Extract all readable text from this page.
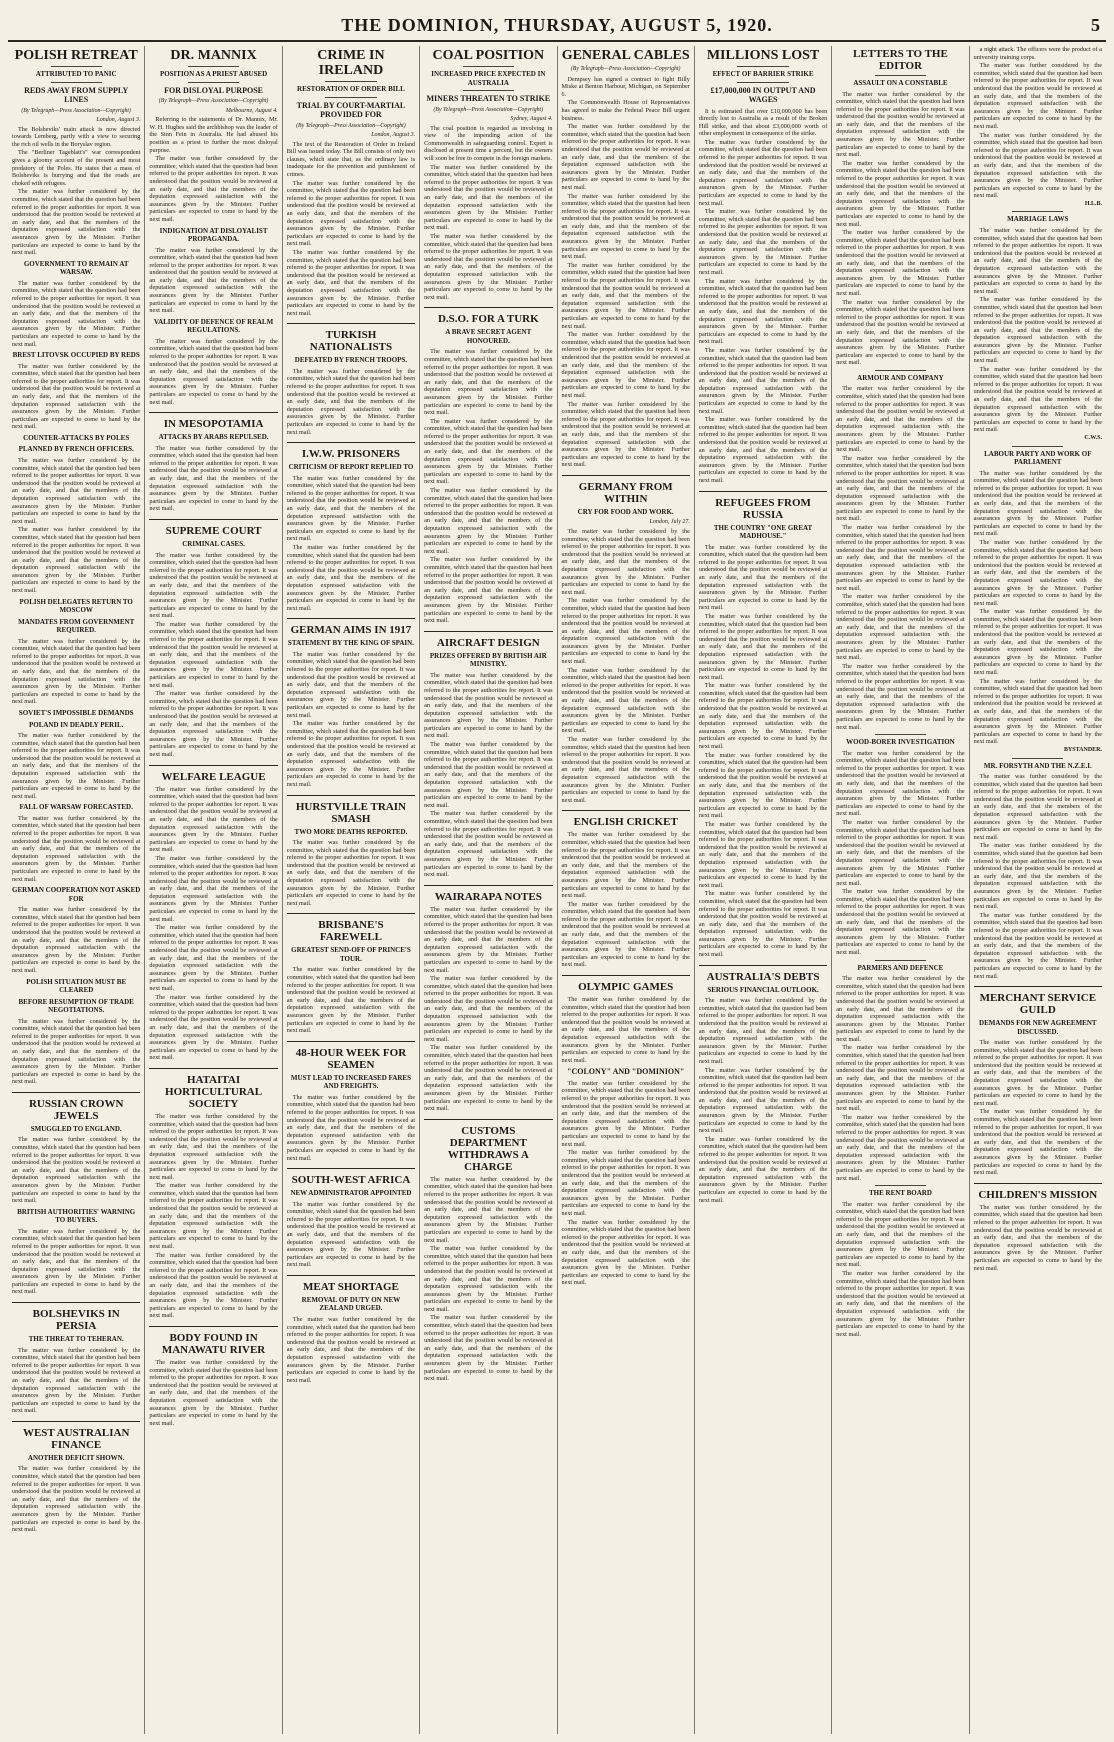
THE DOMINION, THURSDAY, AUGUST 5, 1920.	5
POLISH RETREAT
ATTRIBUTED TO PANIC
REDS AWAY FROM SUPPLY LINES
(By Telegraph—Press Association—Copyright)
London, August 3.

The Bolsheviks' main attack is now directed towards Lemberg, partly with a view to securing the rich oil wells in the Boryslav region.

The "Berliner Tageblatt's" war correspondent gives a gloomy account of the present and most predatory of the Poles. He states that a mass of Bolsheviks is hurrying and that the roads are choked with refugees.

The matter was further considered by the committee, which stated that the question had been referred to the proper authorities for report. It was understood that the position would be reviewed at an early date, and that the members of the deputation expressed satisfaction with the assurances given by the Minister. Further particulars are expected to come to hand by the next mail.

GOVERNMENT TO REMAIN AT WARSAW.

The matter was further considered by the committee, which stated that the question had been referred to the proper authorities for report. It was understood that the position would be reviewed at an early date, and that the members of the deputation expressed satisfaction with the assurances given by the Minister. Further particulars are expected to come to hand by the next mail.

BREST LITOVSK OCCUPIED BY REDS

The matter was further considered by the committee, which stated that the question had been referred to the proper authorities for report. It was understood that the position would be reviewed at an early date, and that the members of the deputation expressed satisfaction with the assurances given by the Minister. Further particulars are expected to come to hand by the next mail.

COUNTER-ATTACKS BY POLES
PLANNED BY FRENCH OFFICERS.

The matter was further considered by the committee, which stated that the question had been referred to the proper authorities for report. It was understood that the position would be reviewed at an early date, and that the members of the deputation expressed satisfaction with the assurances given by the Minister. Further particulars are expected to come to hand by the next mail.

The matter was further considered by the committee, which stated that the question had been referred to the proper authorities for report. It was understood that the position would be reviewed at an early date, and that the members of the deputation expressed satisfaction with the assurances given by the Minister. Further particulars are expected to come to hand by the next mail.

POLISH DELEGATES RETURN TO MOSCOW
MANDATES FROM GOVERNMENT REQUIRED.

The matter was further considered by the committee, which stated that the question had been referred to the proper authorities for report. It was understood that the position would be reviewed at an early date, and that the members of the deputation expressed satisfaction with the assurances given by the Minister. Further particulars are expected to come to hand by the next mail.

SOVIET'S IMPOSSIBLE DEMANDS
POLAND IN DEADLY PERIL.

The matter was further considered by the committee, which stated that the question had been referred to the proper authorities for report. It was understood that the position would be reviewed at an early date, and that the members of the deputation expressed satisfaction with the assurances given by the Minister. Further particulars are expected to come to hand by the next mail.

FALL OF WARSAW FORECASTED.

The matter was further considered by the committee, which stated that the question had been referred to the proper authorities for report. It was understood that the position would be reviewed at an early date, and that the members of the deputation expressed satisfaction with the assurances given by the Minister. Further particulars are expected to come to hand by the next mail.

GERMAN COOPERATION NOT ASKED FOR

The matter was further considered by the committee, which stated that the question had been referred to the proper authorities for report. It was understood that the position would be reviewed at an early date, and that the members of the deputation expressed satisfaction with the assurances given by the Minister. Further particulars are expected to come to hand by the next mail.

POLISH SITUATION MUST BE CLEARED
BEFORE RESUMPTION OF TRADE NEGOTIATIONS.

The matter was further considered by the committee, which stated that the question had been referred to the proper authorities for report. It was understood that the position would be reviewed at an early date, and that the members of the deputation expressed satisfaction with the assurances given by the Minister. Further particulars are expected to come to hand by the next mail.

RUSSIAN CROWN JEWELS
SMUGGLED TO ENGLAND.

The matter was further considered by the committee, which stated that the question had been referred to the proper authorities for report. It was understood that the position would be reviewed at an early date, and that the members of the deputation expressed satisfaction with the assurances given by the Minister. Further particulars are expected to come to hand by the next mail.

BRITISH AUTHORITIES' WARNING TO BUYERS.

The matter was further considered by the committee, which stated that the question had been referred to the proper authorities for report. It was understood that the position would be reviewed at an early date, and that the members of the deputation expressed satisfaction with the assurances given by the Minister. Further particulars are expected to come to hand by the next mail.

BOLSHEVIKS IN PERSIA
THE THREAT TO TEHERAN.

The matter was further considered by the committee, which stated that the question had been referred to the proper authorities for report. It was understood that the position would be reviewed at an early date, and that the members of the deputation expressed satisfaction with the assurances given by the Minister. Further particulars are expected to come to hand by the next mail.

WEST AUSTRALIAN FINANCE
ANOTHER DEFICIT SHOWN.

The matter was further considered by the committee, which stated that the question had been referred to the proper authorities for report. It was understood that the position would be reviewed at an early date, and that the members of the deputation expressed satisfaction with the assurances given by the Minister. Further particulars are expected to come to hand by the next mail.

DR. MANNIX
POSITION AS A PRIEST ABUSED
FOR DISLOYAL PURPOSE
(By Telegraph—Press Association—Copyright)
Melbourne, August 4.

Referring to the statements of Dr. Mannix, Mr. W. H. Hughes said the archbishop was the leader of the Sinn Fein in Australia. He had abused his position as a priest to further the most disloyal purpose.

The matter was further considered by the committee, which stated that the question had been referred to the proper authorities for report. It was understood that the position would be reviewed at an early date, and that the members of the deputation expressed satisfaction with the assurances given by the Minister. Further particulars are expected to come to hand by the next mail.

INDIGNATION AT DISLOYALIST PROPAGANDA.

The matter was further considered by the committee, which stated that the question had been referred to the proper authorities for report. It was understood that the position would be reviewed at an early date, and that the members of the deputation expressed satisfaction with the assurances given by the Minister. Further particulars are expected to come to hand by the next mail.

VALIDITY OF DEFENCE OF REALM REGULATIONS.

The matter was further considered by the committee, which stated that the question had been referred to the proper authorities for report. It was understood that the position would be reviewed at an early date, and that the members of the deputation expressed satisfaction with the assurances given by the Minister. Further particulars are expected to come to hand by the next mail.

IN MESOPOTAMIA
ATTACKS BY ARABS REPULSED.

The matter was further considered by the committee, which stated that the question had been referred to the proper authorities for report. It was understood that the position would be reviewed at an early date, and that the members of the deputation expressed satisfaction with the assurances given by the Minister. Further particulars are expected to come to hand by the next mail.

SUPREME COURT
CRIMINAL CASES.

The matter was further considered by the committee, which stated that the question had been referred to the proper authorities for report. It was understood that the position would be reviewed at an early date, and that the members of the deputation expressed satisfaction with the assurances given by the Minister. Further particulars are expected to come to hand by the next mail.

The matter was further considered by the committee, which stated that the question had been referred to the proper authorities for report. It was understood that the position would be reviewed at an early date, and that the members of the deputation expressed satisfaction with the assurances given by the Minister. Further particulars are expected to come to hand by the next mail.

The matter was further considered by the committee, which stated that the question had been referred to the proper authorities for report. It was understood that the position would be reviewed at an early date, and that the members of the deputation expressed satisfaction with the assurances given by the Minister. Further particulars are expected to come to hand by the next mail.

WELFARE LEAGUE

The matter was further considered by the committee, which stated that the question had been referred to the proper authorities for report. It was understood that the position would be reviewed at an early date, and that the members of the deputation expressed satisfaction with the assurances given by the Minister. Further particulars are expected to come to hand by the next mail.

The matter was further considered by the committee, which stated that the question had been referred to the proper authorities for report. It was understood that the position would be reviewed at an early date, and that the members of the deputation expressed satisfaction with the assurances given by the Minister. Further particulars are expected to come to hand by the next mail.

The matter was further considered by the committee, which stated that the question had been referred to the proper authorities for report. It was understood that the position would be reviewed at an early date, and that the members of the deputation expressed satisfaction with the assurances given by the Minister. Further particulars are expected to come to hand by the next mail.

The matter was further considered by the committee, which stated that the question had been referred to the proper authorities for report. It was understood that the position would be reviewed at an early date, and that the members of the deputation expressed satisfaction with the assurances given by the Minister. Further particulars are expected to come to hand by the next mail.

HATAITAI HORTICULTURAL SOCIETY

The matter was further considered by the committee, which stated that the question had been referred to the proper authorities for report. It was understood that the position would be reviewed at an early date, and that the members of the deputation expressed satisfaction with the assurances given by the Minister. Further particulars are expected to come to hand by the next mail.

The matter was further considered by the committee, which stated that the question had been referred to the proper authorities for report. It was understood that the position would be reviewed at an early date, and that the members of the deputation expressed satisfaction with the assurances given by the Minister. Further particulars are expected to come to hand by the next mail.

The matter was further considered by the committee, which stated that the question had been referred to the proper authorities for report. It was understood that the position would be reviewed at an early date, and that the members of the deputation expressed satisfaction with the assurances given by the Minister. Further particulars are expected to come to hand by the next mail.

BODY FOUND IN MANAWATU RIVER

The matter was further considered by the committee, which stated that the question had been referred to the proper authorities for report. It was understood that the position would be reviewed at an early date, and that the members of the deputation expressed satisfaction with the assurances given by the Minister. Further particulars are expected to come to hand by the next mail.

CRIME IN IRELAND
RESTORATION OF ORDER BILL
TRIAL BY COURT-MARTIAL PROVIDED FOR
(By Telegraph—Press Association—Copyright)
London, August 3.

The text of the Restoration of Order in Ireland Bill was issued today. The Bill consists of only two clauses, which state that, as the ordinary law is inadequate for the prevention and punishment of crimes.

The matter was further considered by the committee, which stated that the question had been referred to the proper authorities for report. It was understood that the position would be reviewed at an early date, and that the members of the deputation expressed satisfaction with the assurances given by the Minister. Further particulars are expected to come to hand by the next mail.

The matter was further considered by the committee, which stated that the question had been referred to the proper authorities for report. It was understood that the position would be reviewed at an early date, and that the members of the deputation expressed satisfaction with the assurances given by the Minister. Further particulars are expected to come to hand by the next mail.

TURKISH NATIONALISTS
DEFEATED BY FRENCH TROOPS.

The matter was further considered by the committee, which stated that the question had been referred to the proper authorities for report. It was understood that the position would be reviewed at an early date, and that the members of the deputation expressed satisfaction with the assurances given by the Minister. Further particulars are expected to come to hand by the next mail.

I.W.W. PRISONERS
CRITICISM OF REPORT REPLIED TO

The matter was further considered by the committee, which stated that the question had been referred to the proper authorities for report. It was understood that the position would be reviewed at an early date, and that the members of the deputation expressed satisfaction with the assurances given by the Minister. Further particulars are expected to come to hand by the next mail.

The matter was further considered by the committee, which stated that the question had been referred to the proper authorities for report. It was understood that the position would be reviewed at an early date, and that the members of the deputation expressed satisfaction with the assurances given by the Minister. Further particulars are expected to come to hand by the next mail.

GERMAN AIMS IN 1917
STATEMENT BY THE KING OF SPAIN.

The matter was further considered by the committee, which stated that the question had been referred to the proper authorities for report. It was understood that the position would be reviewed at an early date, and that the members of the deputation expressed satisfaction with the assurances given by the Minister. Further particulars are expected to come to hand by the next mail.

The matter was further considered by the committee, which stated that the question had been referred to the proper authorities for report. It was understood that the position would be reviewed at an early date, and that the members of the deputation expressed satisfaction with the assurances given by the Minister. Further particulars are expected to come to hand by the next mail.

HURSTVILLE TRAIN SMASH
TWO MORE DEATHS REPORTED.

The matter was further considered by the committee, which stated that the question had been referred to the proper authorities for report. It was understood that the position would be reviewed at an early date, and that the members of the deputation expressed satisfaction with the assurances given by the Minister. Further particulars are expected to come to hand by the next mail.

BRISBANE'S FAREWELL
GREATEST SEND-OFF OF PRINCE'S TOUR.

The matter was further considered by the committee, which stated that the question had been referred to the proper authorities for report. It was understood that the position would be reviewed at an early date, and that the members of the deputation expressed satisfaction with the assurances given by the Minister. Further particulars are expected to come to hand by the next mail.

48-HOUR WEEK FOR SEAMEN
MUST LEAD TO INCREASED FARES AND FREIGHTS.

The matter was further considered by the committee, which stated that the question had been referred to the proper authorities for report. It was understood that the position would be reviewed at an early date, and that the members of the deputation expressed satisfaction with the assurances given by the Minister. Further particulars are expected to come to hand by the next mail.

SOUTH-WEST AFRICA
NEW ADMINISTRATOR APPOINTED

The matter was further considered by the committee, which stated that the question had been referred to the proper authorities for report. It was understood that the position would be reviewed at an early date, and that the members of the deputation expressed satisfaction with the assurances given by the Minister. Further particulars are expected to come to hand by the next mail.

MEAT SHORTAGE
REMOVAL OF DUTY ON NEW ZEALAND URGED.

The matter was further considered by the committee, which stated that the question had been referred to the proper authorities for report. It was understood that the position would be reviewed at an early date, and that the members of the deputation expressed satisfaction with the assurances given by the Minister. Further particulars are expected to come to hand by the next mail.

COAL POSITION
INCREASED PRICE EXPECTED IN AUSTRALIA
MINERS THREATEN TO STRIKE
(By Telegraph—Press Association—Copyright)
Sydney, August 4.

The coal position is regarded as involving in view of the impending action of the Commonwealth in safeguarding control. Expert is disclosed at present time a percent, but the owners will soon be free to compete in the foreign markets.

The matter was further considered by the committee, which stated that the question had been referred to the proper authorities for report. It was understood that the position would be reviewed at an early date, and that the members of the deputation expressed satisfaction with the assurances given by the Minister. Further particulars are expected to come to hand by the next mail.

The matter was further considered by the committee, which stated that the question had been referred to the proper authorities for report. It was understood that the position would be reviewed at an early date, and that the members of the deputation expressed satisfaction with the assurances given by the Minister. Further particulars are expected to come to hand by the next mail.

D.S.O. FOR A TURK
A BRAVE SECRET AGENT HONOURED.

The matter was further considered by the committee, which stated that the question had been referred to the proper authorities for report. It was understood that the position would be reviewed at an early date, and that the members of the deputation expressed satisfaction with the assurances given by the Minister. Further particulars are expected to come to hand by the next mail.

The matter was further considered by the committee, which stated that the question had been referred to the proper authorities for report. It was understood that the position would be reviewed at an early date, and that the members of the deputation expressed satisfaction with the assurances given by the Minister. Further particulars are expected to come to hand by the next mail.

The matter was further considered by the committee, which stated that the question had been referred to the proper authorities for report. It was understood that the position would be reviewed at an early date, and that the members of the deputation expressed satisfaction with the assurances given by the Minister. Further particulars are expected to come to hand by the next mail.

The matter was further considered by the committee, which stated that the question had been referred to the proper authorities for report. It was understood that the position would be reviewed at an early date, and that the members of the deputation expressed satisfaction with the assurances given by the Minister. Further particulars are expected to come to hand by the next mail.

AIRCRAFT DESIGN
PRIZES OFFERED BY BRITISH AIR MINISTRY.

The matter was further considered by the committee, which stated that the question had been referred to the proper authorities for report. It was understood that the position would be reviewed at an early date, and that the members of the deputation expressed satisfaction with the assurances given by the Minister. Further particulars are expected to come to hand by the next mail.

The matter was further considered by the committee, which stated that the question had been referred to the proper authorities for report. It was understood that the position would be reviewed at an early date, and that the members of the deputation expressed satisfaction with the assurances given by the Minister. Further particulars are expected to come to hand by the next mail.

The matter was further considered by the committee, which stated that the question had been referred to the proper authorities for report. It was understood that the position would be reviewed at an early date, and that the members of the deputation expressed satisfaction with the assurances given by the Minister. Further particulars are expected to come to hand by the next mail.

WAIRARAPA NOTES

The matter was further considered by the committee, which stated that the question had been referred to the proper authorities for report. It was understood that the position would be reviewed at an early date, and that the members of the deputation expressed satisfaction with the assurances given by the Minister. Further particulars are expected to come to hand by the next mail.

The matter was further considered by the committee, which stated that the question had been referred to the proper authorities for report. It was understood that the position would be reviewed at an early date, and that the members of the deputation expressed satisfaction with the assurances given by the Minister. Further particulars are expected to come to hand by the next mail.

The matter was further considered by the committee, which stated that the question had been referred to the proper authorities for report. It was understood that the position would be reviewed at an early date, and that the members of the deputation expressed satisfaction with the assurances given by the Minister. Further particulars are expected to come to hand by the next mail.

CUSTOMS DEPARTMENT WITHDRAWS A CHARGE

The matter was further considered by the committee, which stated that the question had been referred to the proper authorities for report. It was understood that the position would be reviewed at an early date, and that the members of the deputation expressed satisfaction with the assurances given by the Minister. Further particulars are expected to come to hand by the next mail.

The matter was further considered by the committee, which stated that the question had been referred to the proper authorities for report. It was understood that the position would be reviewed at an early date, and that the members of the deputation expressed satisfaction with the assurances given by the Minister. Further particulars are expected to come to hand by the next mail.

The matter was further considered by the committee, which stated that the question had been referred to the proper authorities for report. It was understood that the position would be reviewed at an early date, and that the members of the deputation expressed satisfaction with the assurances given by the Minister. Further particulars are expected to come to hand by the next mail.

GENERAL CABLES
(By Telegraph—Press Association—Copyright)

Dempsey has signed a contract to fight Billy Miske at Benton Harbour, Michigan, on September 6.

The Commonwealth House of Representatives has agreed to make the Federal Peace Bill urgent business.

The matter was further considered by the committee, which stated that the question had been referred to the proper authorities for report. It was understood that the position would be reviewed at an early date, and that the members of the deputation expressed satisfaction with the assurances given by the Minister. Further particulars are expected to come to hand by the next mail.

The matter was further considered by the committee, which stated that the question had been referred to the proper authorities for report. It was understood that the position would be reviewed at an early date, and that the members of the deputation expressed satisfaction with the assurances given by the Minister. Further particulars are expected to come to hand by the next mail.

The matter was further considered by the committee, which stated that the question had been referred to the proper authorities for report. It was understood that the position would be reviewed at an early date, and that the members of the deputation expressed satisfaction with the assurances given by the Minister. Further particulars are expected to come to hand by the next mail.

The matter was further considered by the committee, which stated that the question had been referred to the proper authorities for report. It was understood that the position would be reviewed at an early date, and that the members of the deputation expressed satisfaction with the assurances given by the Minister. Further particulars are expected to come to hand by the next mail.

The matter was further considered by the committee, which stated that the question had been referred to the proper authorities for report. It was understood that the position would be reviewed at an early date, and that the members of the deputation expressed satisfaction with the assurances given by the Minister. Further particulars are expected to come to hand by the next mail.

GERMANY FROM WITHIN
CRY FOR FOOD AND WORK.
London, July 27.

The matter was further considered by the committee, which stated that the question had been referred to the proper authorities for report. It was understood that the position would be reviewed at an early date, and that the members of the deputation expressed satisfaction with the assurances given by the Minister. Further particulars are expected to come to hand by the next mail.

The matter was further considered by the committee, which stated that the question had been referred to the proper authorities for report. It was understood that the position would be reviewed at an early date, and that the members of the deputation expressed satisfaction with the assurances given by the Minister. Further particulars are expected to come to hand by the next mail.

The matter was further considered by the committee, which stated that the question had been referred to the proper authorities for report. It was understood that the position would be reviewed at an early date, and that the members of the deputation expressed satisfaction with the assurances given by the Minister. Further particulars are expected to come to hand by the next mail.

The matter was further considered by the committee, which stated that the question had been referred to the proper authorities for report. It was understood that the position would be reviewed at an early date, and that the members of the deputation expressed satisfaction with the assurances given by the Minister. Further particulars are expected to come to hand by the next mail.

ENGLISH CRICKET

The matter was further considered by the committee, which stated that the question had been referred to the proper authorities for report. It was understood that the position would be reviewed at an early date, and that the members of the deputation expressed satisfaction with the assurances given by the Minister. Further particulars are expected to come to hand by the next mail.

The matter was further considered by the committee, which stated that the question had been referred to the proper authorities for report. It was understood that the position would be reviewed at an early date, and that the members of the deputation expressed satisfaction with the assurances given by the Minister. Further particulars are expected to come to hand by the next mail.

OLYMPIC GAMES

The matter was further considered by the committee, which stated that the question had been referred to the proper authorities for report. It was understood that the position would be reviewed at an early date, and that the members of the deputation expressed satisfaction with the assurances given by the Minister. Further particulars are expected to come to hand by the next mail.

"COLONY" AND "DOMINION"

The matter was further considered by the committee, which stated that the question had been referred to the proper authorities for report. It was understood that the position would be reviewed at an early date, and that the members of the deputation expressed satisfaction with the assurances given by the Minister. Further particulars are expected to come to hand by the next mail.

The matter was further considered by the committee, which stated that the question had been referred to the proper authorities for report. It was understood that the position would be reviewed at an early date, and that the members of the deputation expressed satisfaction with the assurances given by the Minister. Further particulars are expected to come to hand by the next mail.

The matter was further considered by the committee, which stated that the question had been referred to the proper authorities for report. It was understood that the position would be reviewed at an early date, and that the members of the deputation expressed satisfaction with the assurances given by the Minister. Further particulars are expected to come to hand by the next mail.

MILLIONS LOST
EFFECT OF BARRIER STRIKE
£17,000,000 IN OUTPUT AND WAGES

It is estimated that over £10,000,000 has been directly lost to Australia as a result of the Broken Hill strike, and that about £3,000,000 worth of other employment in consequence of the strike.

The matter was further considered by the committee, which stated that the question had been referred to the proper authorities for report. It was understood that the position would be reviewed at an early date, and that the members of the deputation expressed satisfaction with the assurances given by the Minister. Further particulars are expected to come to hand by the next mail.

The matter was further considered by the committee, which stated that the question had been referred to the proper authorities for report. It was understood that the position would be reviewed at an early date, and that the members of the deputation expressed satisfaction with the assurances given by the Minister. Further particulars are expected to come to hand by the next mail.

The matter was further considered by the committee, which stated that the question had been referred to the proper authorities for report. It was understood that the position would be reviewed at an early date, and that the members of the deputation expressed satisfaction with the assurances given by the Minister. Further particulars are expected to come to hand by the next mail.

The matter was further considered by the committee, which stated that the question had been referred to the proper authorities for report. It was understood that the position would be reviewed at an early date, and that the members of the deputation expressed satisfaction with the assurances given by the Minister. Further particulars are expected to come to hand by the next mail.

The matter was further considered by the committee, which stated that the question had been referred to the proper authorities for report. It was understood that the position would be reviewed at an early date, and that the members of the deputation expressed satisfaction with the assurances given by the Minister. Further particulars are expected to come to hand by the next mail.

REFUGEES FROM RUSSIA
THE COUNTRY "ONE GREAT MADHOUSE."

The matter was further considered by the committee, which stated that the question had been referred to the proper authorities for report. It was understood that the position would be reviewed at an early date, and that the members of the deputation expressed satisfaction with the assurances given by the Minister. Further particulars are expected to come to hand by the next mail.

The matter was further considered by the committee, which stated that the question had been referred to the proper authorities for report. It was understood that the position would be reviewed at an early date, and that the members of the deputation expressed satisfaction with the assurances given by the Minister. Further particulars are expected to come to hand by the next mail.

The matter was further considered by the committee, which stated that the question had been referred to the proper authorities for report. It was understood that the position would be reviewed at an early date, and that the members of the deputation expressed satisfaction with the assurances given by the Minister. Further particulars are expected to come to hand by the next mail.

The matter was further considered by the committee, which stated that the question had been referred to the proper authorities for report. It was understood that the position would be reviewed at an early date, and that the members of the deputation expressed satisfaction with the assurances given by the Minister. Further particulars are expected to come to hand by the next mail.

The matter was further considered by the committee, which stated that the question had been referred to the proper authorities for report. It was understood that the position would be reviewed at an early date, and that the members of the deputation expressed satisfaction with the assurances given by the Minister. Further particulars are expected to come to hand by the next mail.

The matter was further considered by the committee, which stated that the question had been referred to the proper authorities for report. It was understood that the position would be reviewed at an early date, and that the members of the deputation expressed satisfaction with the assurances given by the Minister. Further particulars are expected to come to hand by the next mail.

AUSTRALIA'S DEBTS
SERIOUS FINANCIAL OUTLOOK.

The matter was further considered by the committee, which stated that the question had been referred to the proper authorities for report. It was understood that the position would be reviewed at an early date, and that the members of the deputation expressed satisfaction with the assurances given by the Minister. Further particulars are expected to come to hand by the next mail.

The matter was further considered by the committee, which stated that the question had been referred to the proper authorities for report. It was understood that the position would be reviewed at an early date, and that the members of the deputation expressed satisfaction with the assurances given by the Minister. Further particulars are expected to come to hand by the next mail.

The matter was further considered by the committee, which stated that the question had been referred to the proper authorities for report. It was understood that the position would be reviewed at an early date, and that the members of the deputation expressed satisfaction with the assurances given by the Minister. Further particulars are expected to come to hand by the next mail.

LETTERS TO THE EDITOR
ASSAULT ON A CONSTABLE

The matter was further considered by the committee, which stated that the question had been referred to the proper authorities for report. It was understood that the position would be reviewed at an early date, and that the members of the deputation expressed satisfaction with the assurances given by the Minister. Further particulars are expected to come to hand by the next mail.

The matter was further considered by the committee, which stated that the question had been referred to the proper authorities for report. It was understood that the position would be reviewed at an early date, and that the members of the deputation expressed satisfaction with the assurances given by the Minister. Further particulars are expected to come to hand by the next mail.

The matter was further considered by the committee, which stated that the question had been referred to the proper authorities for report. It was understood that the position would be reviewed at an early date, and that the members of the deputation expressed satisfaction with the assurances given by the Minister. Further particulars are expected to come to hand by the next mail.

The matter was further considered by the committee, which stated that the question had been referred to the proper authorities for report. It was understood that the position would be reviewed at an early date, and that the members of the deputation expressed satisfaction with the assurances given by the Minister. Further particulars are expected to come to hand by the next mail.

ARMOUR AND COMPANY

The matter was further considered by the committee, which stated that the question had been referred to the proper authorities for report. It was understood that the position would be reviewed at an early date, and that the members of the deputation expressed satisfaction with the assurances given by the Minister. Further particulars are expected to come to hand by the next mail.

The matter was further considered by the committee, which stated that the question had been referred to the proper authorities for report. It was understood that the position would be reviewed at an early date, and that the members of the deputation expressed satisfaction with the assurances given by the Minister. Further particulars are expected to come to hand by the next mail.

The matter was further considered by the committee, which stated that the question had been referred to the proper authorities for report. It was understood that the position would be reviewed at an early date, and that the members of the deputation expressed satisfaction with the assurances given by the Minister. Further particulars are expected to come to hand by the next mail.

The matter was further considered by the committee, which stated that the question had been referred to the proper authorities for report. It was understood that the position would be reviewed at an early date, and that the members of the deputation expressed satisfaction with the assurances given by the Minister. Further particulars are expected to come to hand by the next mail.

The matter was further considered by the committee, which stated that the question had been referred to the proper authorities for report. It was understood that the position would be reviewed at an early date, and that the members of the deputation expressed satisfaction with the assurances given by the Minister. Further particulars are expected to come to hand by the next mail.

WOOD-BORER INVESTIGATION

The matter was further considered by the committee, which stated that the question had been referred to the proper authorities for report. It was understood that the position would be reviewed at an early date, and that the members of the deputation expressed satisfaction with the assurances given by the Minister. Further particulars are expected to come to hand by the next mail.

The matter was further considered by the committee, which stated that the question had been referred to the proper authorities for report. It was understood that the position would be reviewed at an early date, and that the members of the deputation expressed satisfaction with the assurances given by the Minister. Further particulars are expected to come to hand by the next mail.

The matter was further considered by the committee, which stated that the question had been referred to the proper authorities for report. It was understood that the position would be reviewed at an early date, and that the members of the deputation expressed satisfaction with the assurances given by the Minister. Further particulars are expected to come to hand by the next mail.

PARMERS AND DEFENCE

The matter was further considered by the committee, which stated that the question had been referred to the proper authorities for report. It was understood that the position would be reviewed at an early date, and that the members of the deputation expressed satisfaction with the assurances given by the Minister. Further particulars are expected to come to hand by the next mail.

The matter was further considered by the committee, which stated that the question had been referred to the proper authorities for report. It was understood that the position would be reviewed at an early date, and that the members of the deputation expressed satisfaction with the assurances given by the Minister. Further particulars are expected to come to hand by the next mail.

The matter was further considered by the committee, which stated that the question had been referred to the proper authorities for report. It was understood that the position would be reviewed at an early date, and that the members of the deputation expressed satisfaction with the assurances given by the Minister. Further particulars are expected to come to hand by the next mail.

THE RENT BOARD

The matter was further considered by the committee, which stated that the question had been referred to the proper authorities for report. It was understood that the position would be reviewed at an early date, and that the members of the deputation expressed satisfaction with the assurances given by the Minister. Further particulars are expected to come to hand by the next mail.

The matter was further considered by the committee, which stated that the question had been referred to the proper authorities for report. It was understood that the position would be reviewed at an early date, and that the members of the deputation expressed satisfaction with the assurances given by the Minister. Further particulars are expected to come to hand by the next mail.

a night attack. The officers were the product of a university training corps.

The matter was further considered by the committee, which stated that the question had been referred to the proper authorities for report. It was understood that the position would be reviewed at an early date, and that the members of the deputation expressed satisfaction with the assurances given by the Minister. Further particulars are expected to come to hand by the next mail.

The matter was further considered by the committee, which stated that the question had been referred to the proper authorities for report. It was understood that the position would be reviewed at an early date, and that the members of the deputation expressed satisfaction with the assurances given by the Minister. Further particulars are expected to come to hand by the next mail.

H.L.B.
MARRIAGE LAWS

The matter was further considered by the committee, which stated that the question had been referred to the proper authorities for report. It was understood that the position would be reviewed at an early date, and that the members of the deputation expressed satisfaction with the assurances given by the Minister. Further particulars are expected to come to hand by the next mail.

The matter was further considered by the committee, which stated that the question had been referred to the proper authorities for report. It was understood that the position would be reviewed at an early date, and that the members of the deputation expressed satisfaction with the assurances given by the Minister. Further particulars are expected to come to hand by the next mail.

The matter was further considered by the committee, which stated that the question had been referred to the proper authorities for report. It was understood that the position would be reviewed at an early date, and that the members of the deputation expressed satisfaction with the assurances given by the Minister. Further particulars are expected to come to hand by the next mail.

C.W.S.
LABOUR PARTY AND WORK OF PARLIAMENT

The matter was further considered by the committee, which stated that the question had been referred to the proper authorities for report. It was understood that the position would be reviewed at an early date, and that the members of the deputation expressed satisfaction with the assurances given by the Minister. Further particulars are expected to come to hand by the next mail.

The matter was further considered by the committee, which stated that the question had been referred to the proper authorities for report. It was understood that the position would be reviewed at an early date, and that the members of the deputation expressed satisfaction with the assurances given by the Minister. Further particulars are expected to come to hand by the next mail.

The matter was further considered by the committee, which stated that the question had been referred to the proper authorities for report. It was understood that the position would be reviewed at an early date, and that the members of the deputation expressed satisfaction with the assurances given by the Minister. Further particulars are expected to come to hand by the next mail.

The matter was further considered by the committee, which stated that the question had been referred to the proper authorities for report. It was understood that the position would be reviewed at an early date, and that the members of the deputation expressed satisfaction with the assurances given by the Minister. Further particulars are expected to come to hand by the next mail.

BYSTANDER.
MR. FORSYTH AND THE N.Z.E.I.

The matter was further considered by the committee, which stated that the question had been referred to the proper authorities for report. It was understood that the position would be reviewed at an early date, and that the members of the deputation expressed satisfaction with the assurances given by the Minister. Further particulars are expected to come to hand by the next mail.

The matter was further considered by the committee, which stated that the question had been referred to the proper authorities for report. It was understood that the position would be reviewed at an early date, and that the members of the deputation expressed satisfaction with the assurances given by the Minister. Further particulars are expected to come to hand by the next mail.

The matter was further considered by the committee, which stated that the question had been referred to the proper authorities for report. It was understood that the position would be reviewed at an early date, and that the members of the deputation expressed satisfaction with the assurances given by the Minister. Further particulars are expected to come to hand by the next mail.

MERCHANT SERVICE GUILD
DEMANDS FOR NEW AGREEMENT DISCUSSED.

The matter was further considered by the committee, which stated that the question had been referred to the proper authorities for report. It was understood that the position would be reviewed at an early date, and that the members of the deputation expressed satisfaction with the assurances given by the Minister. Further particulars are expected to come to hand by the next mail.

The matter was further considered by the committee, which stated that the question had been referred to the proper authorities for report. It was understood that the position would be reviewed at an early date, and that the members of the deputation expressed satisfaction with the assurances given by the Minister. Further particulars are expected to come to hand by the next mail.

CHILDREN'S MISSION

The matter was further considered by the committee, which stated that the question had been referred to the proper authorities for report. It was understood that the position would be reviewed at an early date, and that the members of the deputation expressed satisfaction with the assurances given by the Minister. Further particulars are expected to come to hand by the next mail.
